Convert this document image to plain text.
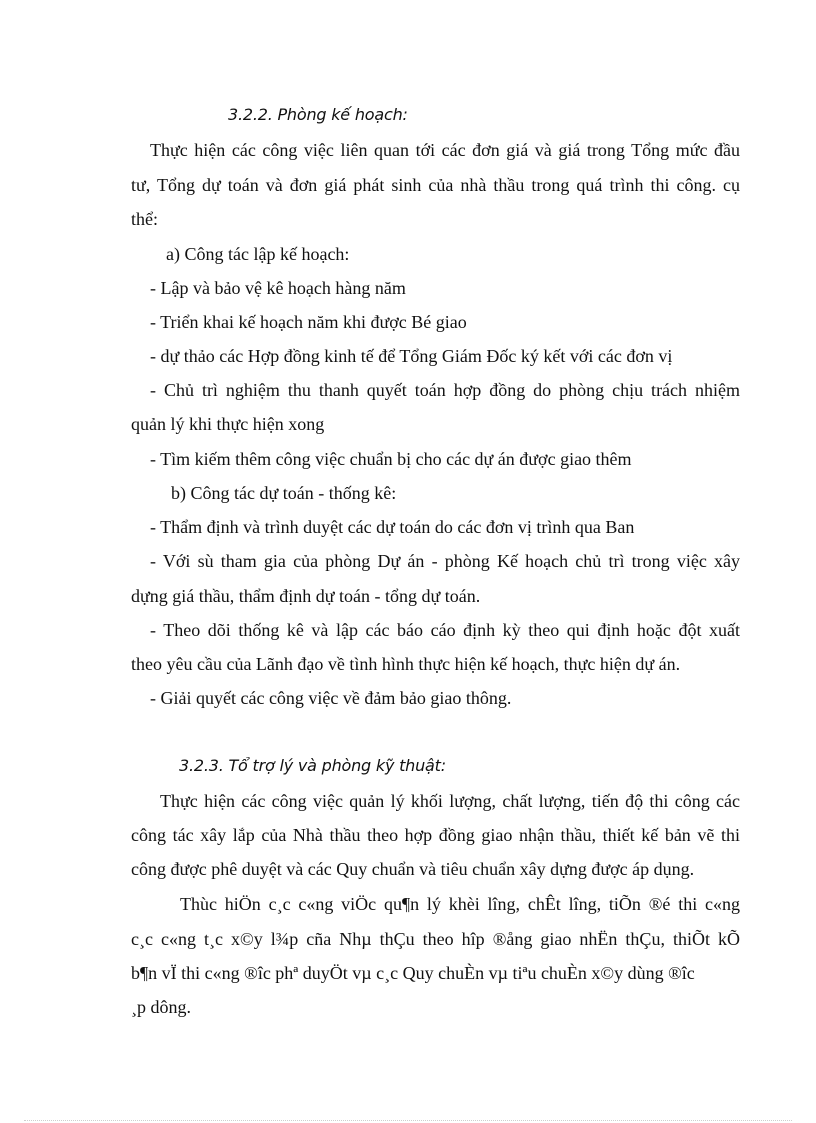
3.2.2. Phòng kế hoạch:
Thực hiện các công việc liên quan tới các đơn giá và giá trong Tổng mức đầu
tư, Tổng dự toán và đơn giá phát sinh của nhà thầu trong quá trình thi công. cụ
thể:
a) Công tác lập kế hoạch:
- Lập và bảo vệ kê hoạch hàng năm
- Triển khai kế hoạch năm khi được Bé giao
- dự thảo các Hợp đồng kinh tế để Tổng Giám Đốc ký kết với các đơn vị
- Chủ trì nghiệm thu thanh quyết toán hợp đồng do phòng chịu trách nhiệm
quản lý khi thực hiện xong
- Tìm kiếm thêm công việc chuẩn bị cho các dự án được giao thêm
b) Công tác dự toán - thống kê:
- Thẩm định và trình duyệt các dự toán do các đơn vị trình qua Ban
- Với sù tham gia của phòng Dự án - phòng Kế hoạch chủ trì trong việc xây
dựng giá thầu, thẩm định dự toán - tổng dự toán.
- Theo dõi thống kê và lập các báo cáo định kỳ theo qui định hoặc đột xuất
theo yêu cầu của Lãnh đạo về tình hình thực hiện kế hoạch, thực hiện dự án.
- Giải quyết các công việc về đảm bảo giao thông.
3.2.3. Tổ trợ lý và phòng kỹ thuật:
Thực hiện các công việc quản lý khối lượng, chất lượng, tiến độ thi công các
công tác xây lắp của Nhà thầu theo hợp đồng giao nhận thầu, thiết kế bản vẽ thi
công được phê duyệt và các Quy chuẩn và tiêu chuẩn xây dựng được áp dụng.
Thùc hiÖn c¸c c«ng viÖc qu¶n lý khèi lîng, chÊt lîng, tiÕn ®é thi c«ng
c¸c c«ng t¸c x©y l¾p cña Nhµ thÇu theo hîp ®ång giao nhËn thÇu, thiÕt kÕ
b¶n vÏ thi c«ng ®îc phª duyÖt vµ c¸c Quy chuÈn vµ tiªu chuÈn x©y dùng ®îc
¸p dông.
